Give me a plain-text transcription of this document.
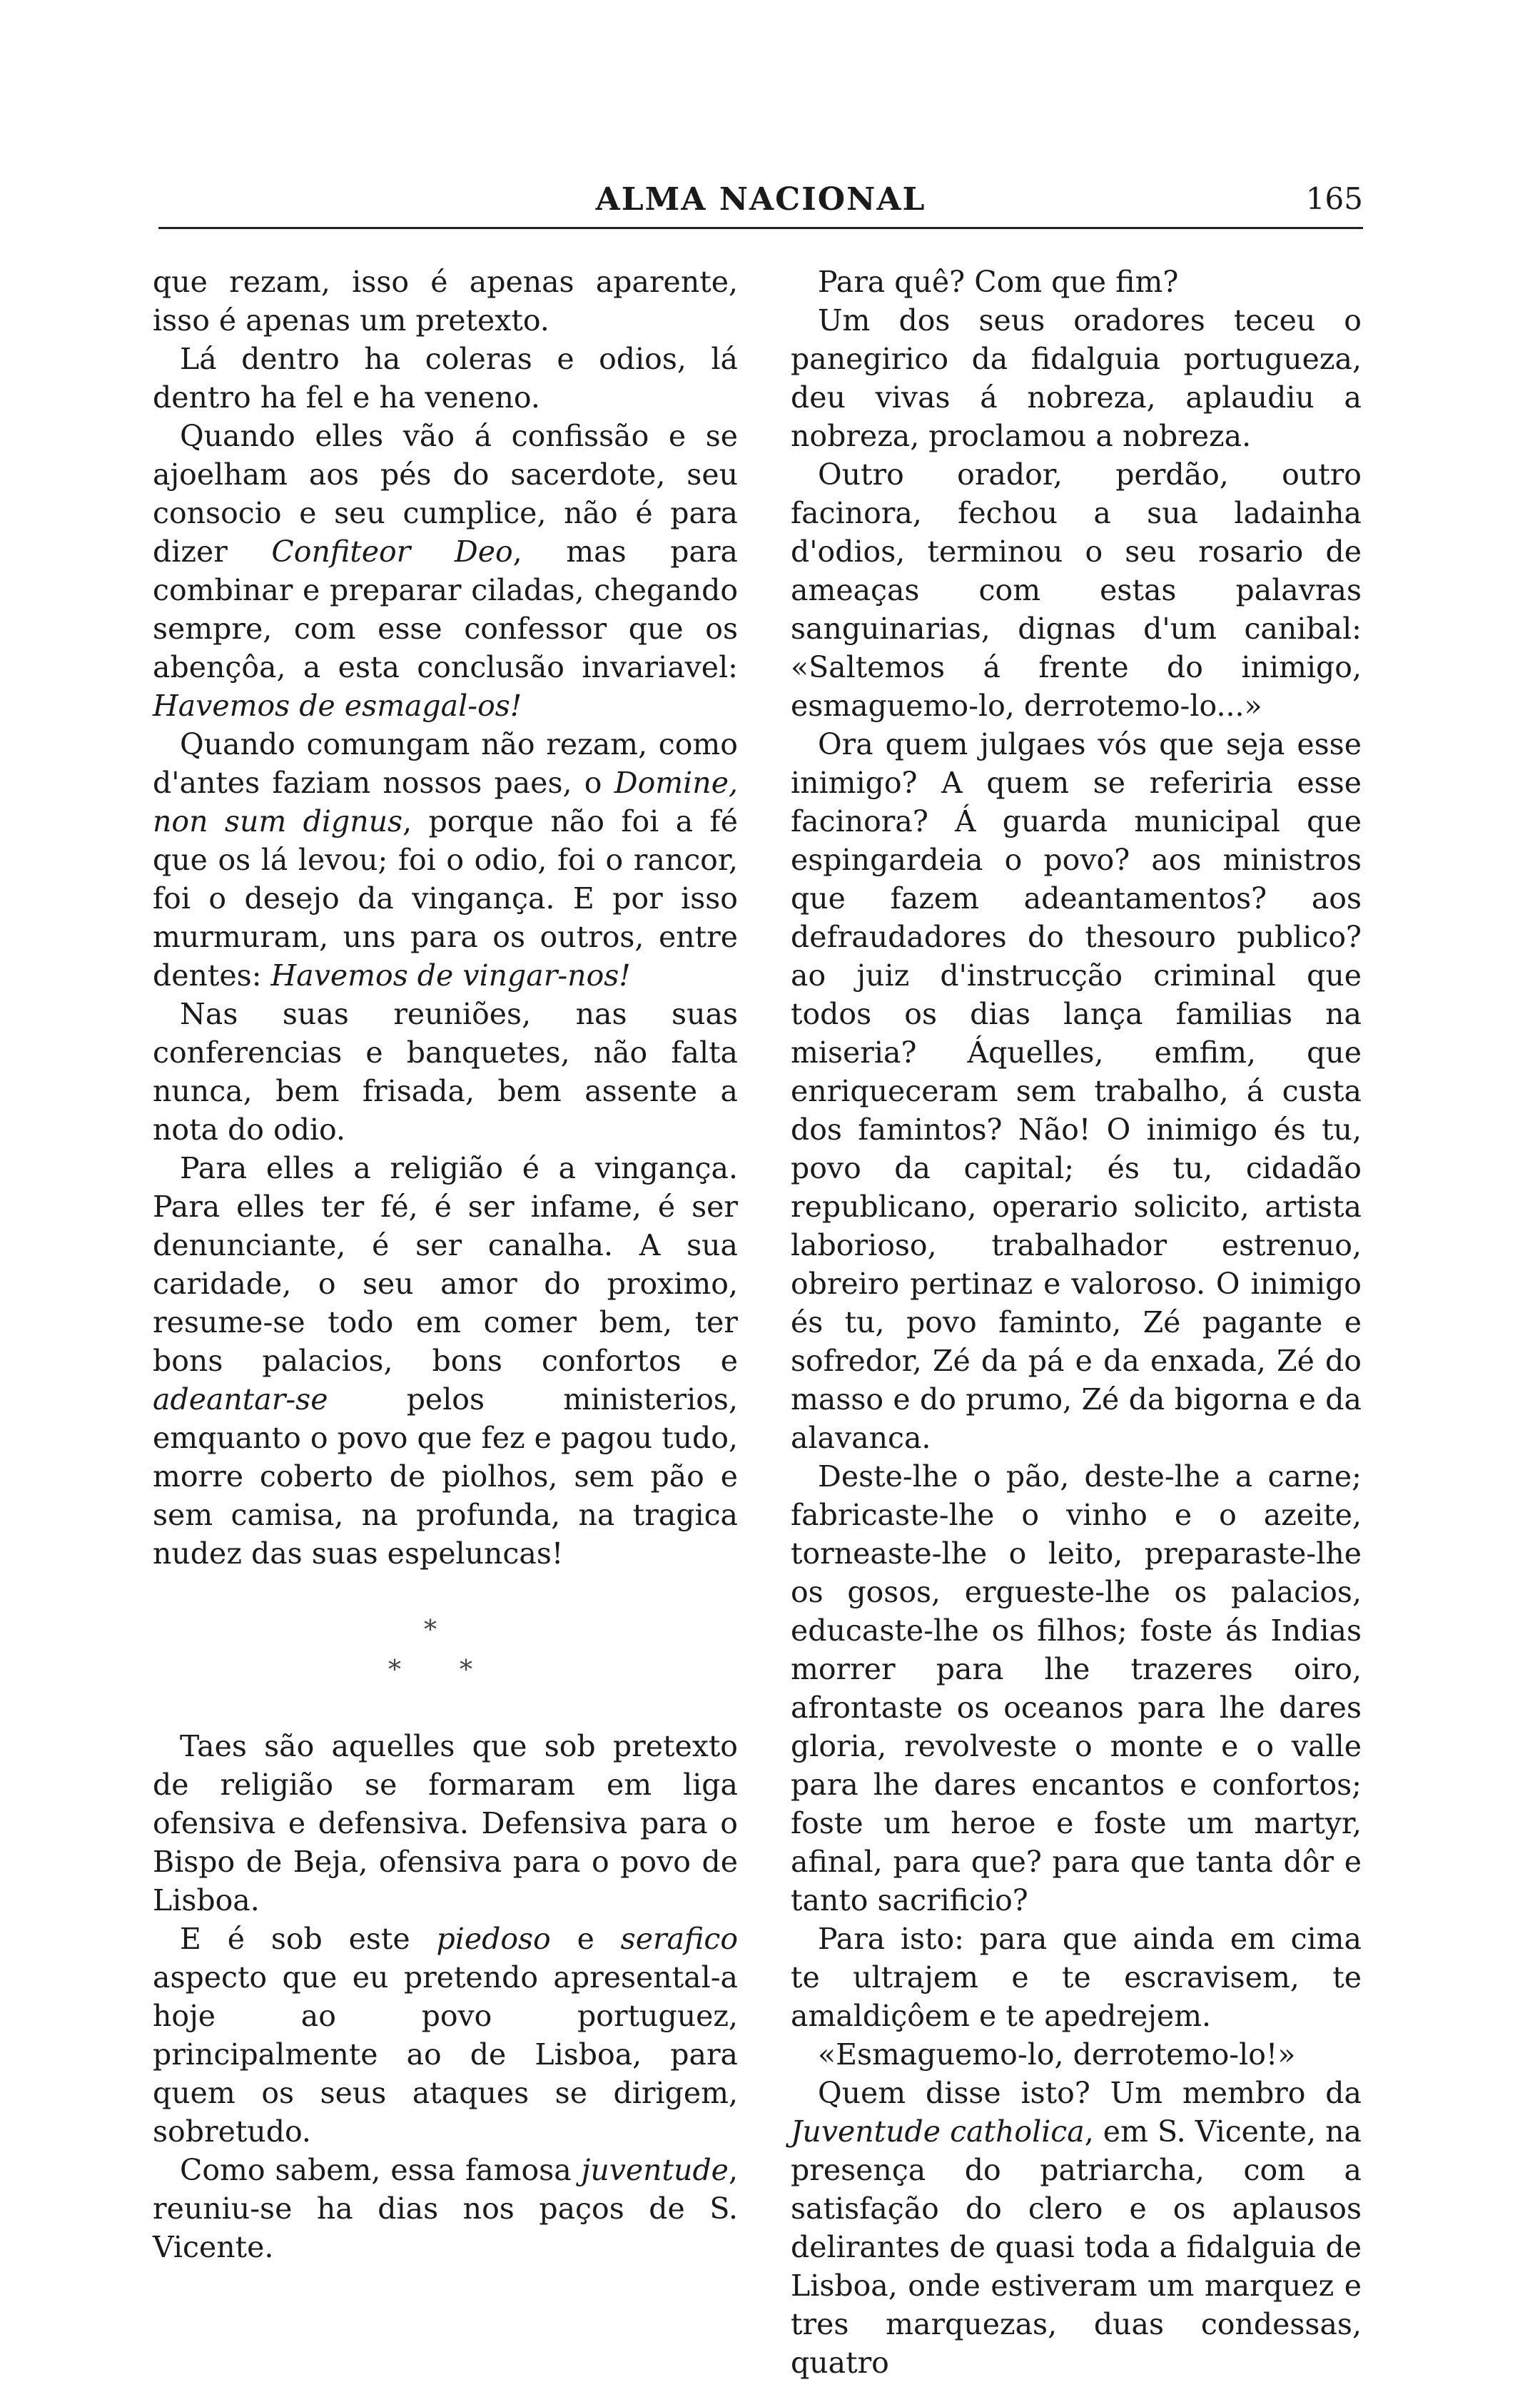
ALMA NACIONAL	165

que rezam, isso é apenas aparente, isso é apenas um pretexto.

Lá dentro ha coleras e odios, lá dentro ha fel e ha veneno.

Quando elles vão á confissão e se ajoelham aos pés do sacerdote, seu consocio e seu cumplice, não é para dizer Confiteor Deo, mas para combinar e preparar ciladas, chegando sempre, com esse confessor que os abençôa, a esta conclusão invariavel: Havemos de esmagal-os!

Quando comungam não rezam, como d'antes faziam nossos paes, o Domine, non sum dignus, porque não foi a fé que os lá levou; foi o odio, foi o rancor, foi o desejo da vingança. E por isso murmuram, uns para os outros, entre dentes: Havemos de vingar-nos!

Nas suas reuniões, nas suas conferencias e banquetes, não falta nunca, bem frisada, bem assente a nota do odio.

Para elles a religião é a vingança. Para elles ter fé, é ser infame, é ser denunciante, é ser canalha. A sua caridade, o seu amor do proximo, resume-se todo em comer bem, ter bons palacios, bons confortos e adeantar-se pelos ministerios, emquanto o povo que fez e pagou tudo, morre coberto de piolhos, sem pão e sem camisa, na profunda, na tragica nudez das suas espeluncas!

*
* *

Taes são aquelles que sob pretexto de religião se formaram em liga ofensiva e defensiva. Defensiva para o Bispo de Beja, ofensiva para o povo de Lisboa.

E é sob este piedoso e serafico aspecto que eu pretendo apresental-a hoje ao povo portuguez, principalmente ao de Lisboa, para quem os seus ataques se dirigem, sobretudo.

Como sabem, essa famosa juventude, reuniu-se ha dias nos paços de S. Vicente.

Para quê? Com que fim?

Um dos seus oradores teceu o panegirico da fidalguia portugueza, deu vivas á nobreza, aplaudiu a nobreza, proclamou a nobreza.

Outro orador, perdão, outro facinora, fechou a sua ladainha d'odios, terminou o seu rosario de ameaças com estas palavras sanguinarias, dignas d'um canibal: «Saltemos á frente do inimigo, esmaguemo-lo, derrotemo-lo...»

Ora quem julgaes vós que seja esse inimigo? A quem se referiria esse facinora? Á guarda municipal que espingardeia o povo? aos ministros que fazem adeantamentos? aos defraudadores do thesouro publico? ao juiz d'instrucção criminal que todos os dias lança familias na miseria? Áquelles, emfim, que enriqueceram sem trabalho, á custa dos famintos? Não! O inimigo és tu, povo da capital; és tu, cidadão republicano, operario solicito, artista laborioso, trabalhador estrenuo, obreiro pertinaz e valoroso. O inimigo és tu, povo faminto, Zé pagante e sofredor, Zé da pá e da enxada, Zé do masso e do prumo, Zé da bigorna e da alavanca.

Deste-lhe o pão, deste-lhe a carne; fabricaste-lhe o vinho e o azeite, torneaste-lhe o leito, preparaste-lhe os gosos, ergueste-lhe os palacios, educaste-lhe os filhos; foste ás Indias morrer para lhe trazeres oiro, afrontaste os oceanos para lhe dares gloria, revolveste o monte e o valle para lhe dares encantos e confortos; foste um heroe e foste um martyr, afinal, para que? para que tanta dôr e tanto sacrificio?

Para isto: para que ainda em cima te ultrajem e te escravisem, te amaldiçôem e te apedrejem.

«Esmaguemo-lo, derrotemo-lo!»

Quem disse isto? Um membro da Juventude catholica, em S. Vicente, na presença do patriarcha, com a satisfação do clero e os aplausos delirantes de quasi toda a fidalguia de Lisboa, onde estiveram um marquez e tres marquezas, duas condessas, quatro
